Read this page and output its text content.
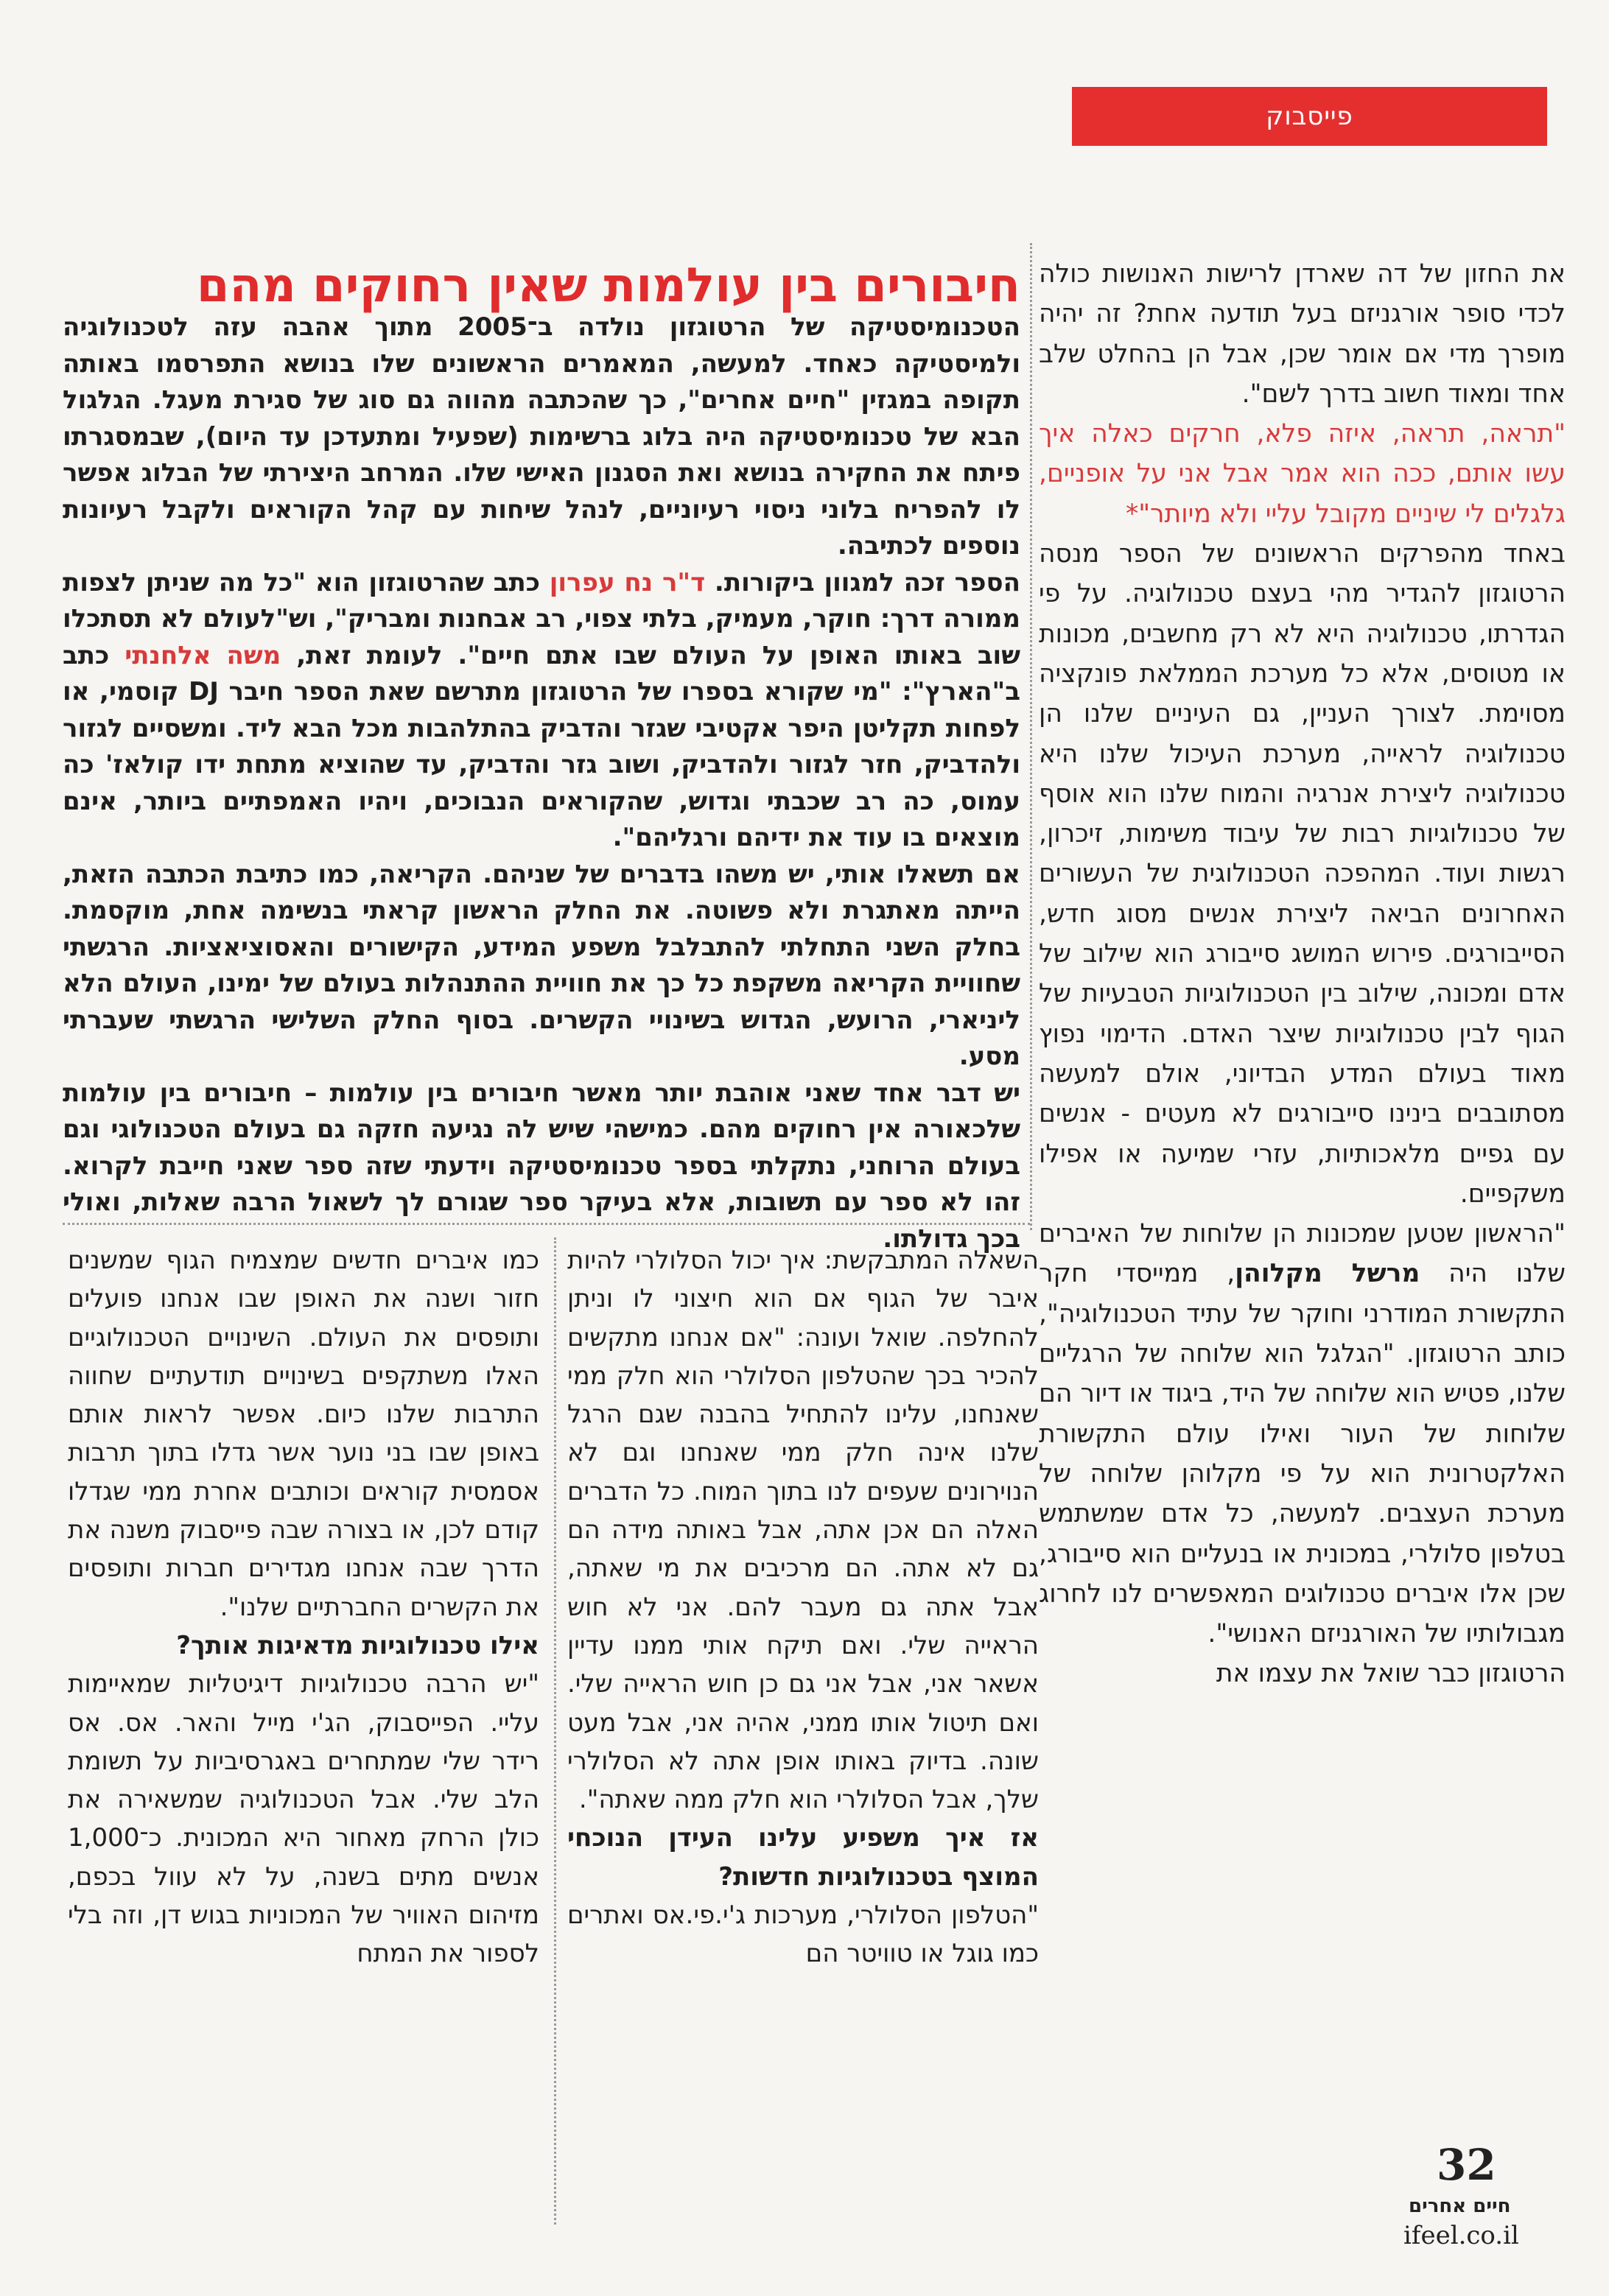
פייסבוק
חיבורים בין עולמות שאין רחוקים מהם את החזון של דה שארדן לרישות האנושות כולה לכדי סופר אורגניזם בעל תודעה אחת? זה יהיה מופרך מדי אם אומר שכן, אבל הן בהחלט שלב אחד ומאוד חשוב בדרך לשם".

"תראה, תראה, איזה פלא, חרקים כאלה איך עשו אותם, ככה הוא אמר אבל אני על אופניים, גלגלים לי שיניים מקובל עליי ולא מיותר"*

באחד מהפרקים הראשונים של הספר מנסה הרטוגזון להגדיר מהי בעצם טכנולוגיה. על פי הגדרתו, טכנולוגיה היא לא רק מחשבים, מכונות או מטוסים, אלא כל מערכת הממלאת פונקציה מסוימת. לצורך העניין, גם העיניים שלנו הן טכנולוגיה לראייה, מערכת העיכול שלנו היא טכנולוגיה ליצירת אנרגיה והמוח שלנו הוא אוסף של טכנולוגיות רבות של עיבוד משימות, זיכרון, רגשות ועוד. המהפכה הטכנולוגית של העשורים האחרונים הביאה ליצירת אנשים מסוג חדש, הסייבורגים. פירוש המושג סייבורג הוא שילוב של אדם ומכונה, שילוב בין הטכנולוגיות הטבעיות של הגוף לבין טכנולוגיות שיצר האדם. הדימוי נפוץ מאוד בעולם המדע הבדיוני, אולם למעשה מסתובבים בינינו סייבורגים לא מעטים - אנשים עם גפיים מלאכותיות, עזרי שמיעה או אפילו משקפיים.

"הראשון שטען שמכונות הן שלוחות של האיברים שלנו היה מרשל מקלוהן, ממייסדי חקר התקשורת המודרני וחוקר של עתיד הטכנולוגיה", כותב הרטוגזון. "הגלגל הוא שלוחה של הרגליים שלנו, פטיש הוא שלוחה של היד, ביגוד או דיור הם שלוחות של העור ואילו עולם התקשורת האלקטרונית הוא על פי מקלוהן שלוחה של מערכת העצבים. למעשה, כל אדם שמשתמש בטלפון סלולרי, במכונית או בנעליים הוא סייבורג, שכן אלו איברים טכנולוגים המאפשרים לנו לחרוג מגבולותיו של האורגניזם האנושי".

הרטוגזון כבר שואל את עצמו את

הטכנומיסטיקה של הרטוגזון נולדה ב־2005 מתוך אהבה עזה לטכנולוגיה ולמיסטיקה כאחד. למעשה, המאמרים הראשונים שלו בנושא התפרסמו באותה תקופה במגזין "חיים אחרים", כך שהכתבה מהווה גם סוג של סגירת מעגל. הגלגול הבא של טכנומיסטיקה היה בלוג ברשימות (שפעיל ומתעדכן עד היום), שבמסגרתו פיתח את החקירה בנושא ואת הסגנון האישי שלו. המרחב היצירתי של הבלוג אפשר לו להפריח בלוני ניסוי רעיוניים, לנהל שיחות עם קהל הקוראים ולקבל רעיונות נוספים לכתיבה.

הספר זכה למגוון ביקורות. ד"ר נח עפרון כתב שהרטוגזון הוא "כל מה שניתן לצפות ממורה דרך: חוקר, מעמיק, בלתי צפוי, רב אבחנות ומבריק", וש"לעולם לא תסתכלו שוב באותו האופן על העולם שבו אתם חיים". לעומת זאת, משה אלחנתי כתב ב"הארץ": "מי שקורא בספרו של הרטוגזון מתרשם שאת הספר חיבר DJ קוסמי, או לפחות תקליטן היפר אקטיבי שגזר והדביק בהתלהבות מכל הבא ליד. ומשסיים לגזור ולהדביק, חזר לגזור ולהדביק, ושוב גזר והדביק, עד שהוציא מתחת ידו קולאז' כה עמוס, כה רב שכבתי וגדוש, שהקוראים הנבוכים, ויהיו האמפתיים ביותר, אינם מוצאים בו עוד את ידיהם ורגליהם".

אם תשאלו אותי, יש משהו בדברים של שניהם. הקריאה, כמו כתיבת הכתבה הזאת, הייתה מאתגרת ולא פשוטה. את החלק הראשון קראתי בנשימה אחת, מוקסמת. בחלק השני התחלתי להתבלבל משפע המידע, הקישורים והאסוציאציות. הרגשתי שחוויית הקריאה משקפת כל כך את חוויית ההתנהלות בעולם של ימינו, העולם הלא ליניארי, הרועש, הגדוש בשינויי הקשרים. בסוף החלק השלישי הרגשתי שעברתי מסע.

יש דבר אחד שאני אוהבת יותר מאשר חיבורים בין עולמות – חיבורים בין עולמות שלכאורה אין רחוקים מהם. כמישהי שיש לה נגיעה חזקה גם בעולם הטכנולוגי וגם בעולם הרוחני, נתקלתי בספר טכנומיסטיקה וידעתי שזה ספר שאני חייבת לקרוא. זהו לא ספר עם תשובות, אלא בעיקר ספר שגורם לך לשאול הרבה שאלות, ואולי בכך גדולתו.

השאלה המתבקשת: איך יכול הסלולרי להיות איבר של הגוף אם הוא חיצוני לו וניתן להחלפה. שואל ועונה: "אם אנחנו מתקשים להכיר בכך שהטלפון הסלולרי הוא חלק ממי שאנחנו, עלינו להתחיל בהבנה שגם הרגל שלנו אינה חלק ממי שאנחנו וגם לא הנוירונים שעפים לנו בתוך המוח. כל הדברים האלה הם אכן אתה, אבל באותה מידה הם גם לא אתה. הם מרכיבים את מי שאתה, אבל אתה גם מעבר להם. אני לא חוש הראייה שלי. ואם תיקח אותי ממנו עדיין אשאר אני, אבל אני גם כן חוש הראייה שלי. ואם תיטול אותו ממני, אהיה אני, אבל מעט שונה. בדיוק באותו אופן אתה לא הסלולרי שלך, אבל הסלולרי הוא חלק ממה שאתה".

אז איך משפיע עלינו העידן הנוכחי המוצף בטכנולוגיות חדשות?

"הטלפון הסלולרי, מערכות ג'י.פי.אס ואתרים כמו גוגל או טוויטר הם

כמו איברים חדשים שמצמיח הגוף שמשנים חזור ושנה את האופן שבו אנחנו פועלים ותופסים את העולם. השינויים הטכנולוגיים האלו משתקפים בשינויים תודעתיים שחווה התרבות שלנו כיום. אפשר לראות אותם באופן שבו בני נוער אשר גדלו בתוך תרבות אסמסית קוראים וכותבים אחרת ממי שגדלו קודם לכן, או בצורה שבה פייסבוק משנה את הדרך שבה אנחנו מגדירים חברות ותופסים את הקשרים החברתיים שלנו".

אילו טכנולוגיות מדאיגות אותך?

"יש הרבה טכנולוגיות דיגיטליות שמאיימות עליי. הפייסבוק, הג'י מייל והאר. אס. אס רידר שלי שמתחרים באגרסיביות על תשומת הלב שלי. אבל הטכנולוגיה שמשאירה את כולן הרחק מאחור היא המכונית. כ־1,000 אנשים מתים בשנה, על לא עוול בכפם, מזיהום האוויר של המכוניות בגוש דן, וזה בלי לספור את המתח

32
חיים אחרים
ifeel.co.il
